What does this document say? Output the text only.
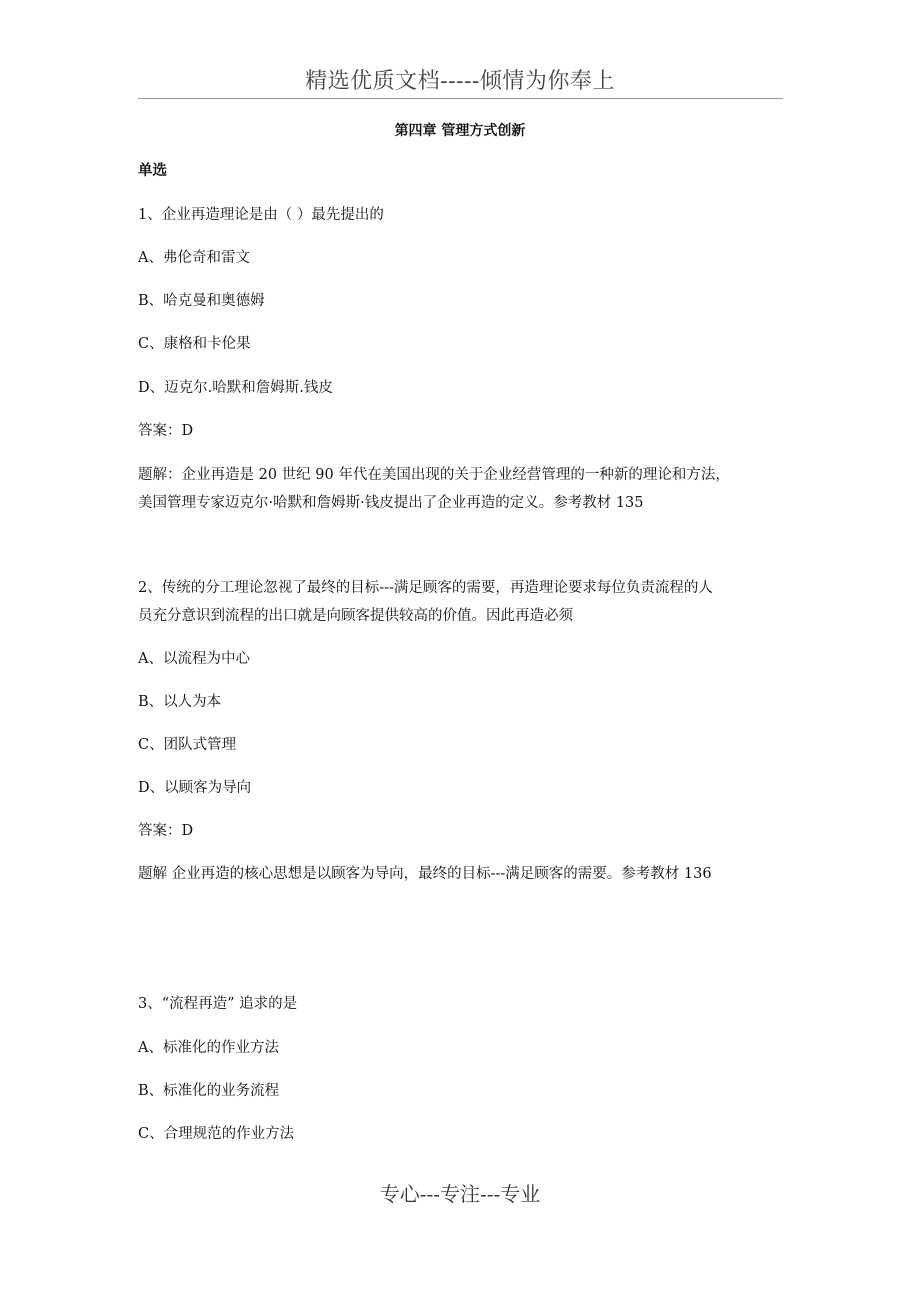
精选优质文档-----倾情为你奉上
第四章 管理方式创新
单选
1、企业再造理论是由（ ）最先提出的
A、弗伦奇和雷文
B、哈克曼和奥德姆
C、康格和卡伦果
D、迈克尔.哈默和詹姆斯.钱皮
答案：D
题解：企业再造是 20 世纪 90 年代在美国出现的关于企业经营管理的一种新的理论和方法，
美国管理专家迈克尔·哈默和詹姆斯·钱皮提出了企业再造的定义。参考教材 135
2、传统的分工理论忽视了最终的目标---满足顾客的需要，再造理论要求每位负责流程的人
员充分意识到流程的出口就是向顾客提供较高的价值。因此再造必须
A、以流程为中心
B、以人为本
C、团队式管理
D、以顾客为导向
答案：D
题解 企业再造的核心思想是以顾客为导向，最终的目标---满足顾客的需要。参考教材 136
3、“流程再造” 追求的是
A、标准化的作业方法
B、标准化的业务流程
C、合理规范的作业方法
专心---专注---专业
